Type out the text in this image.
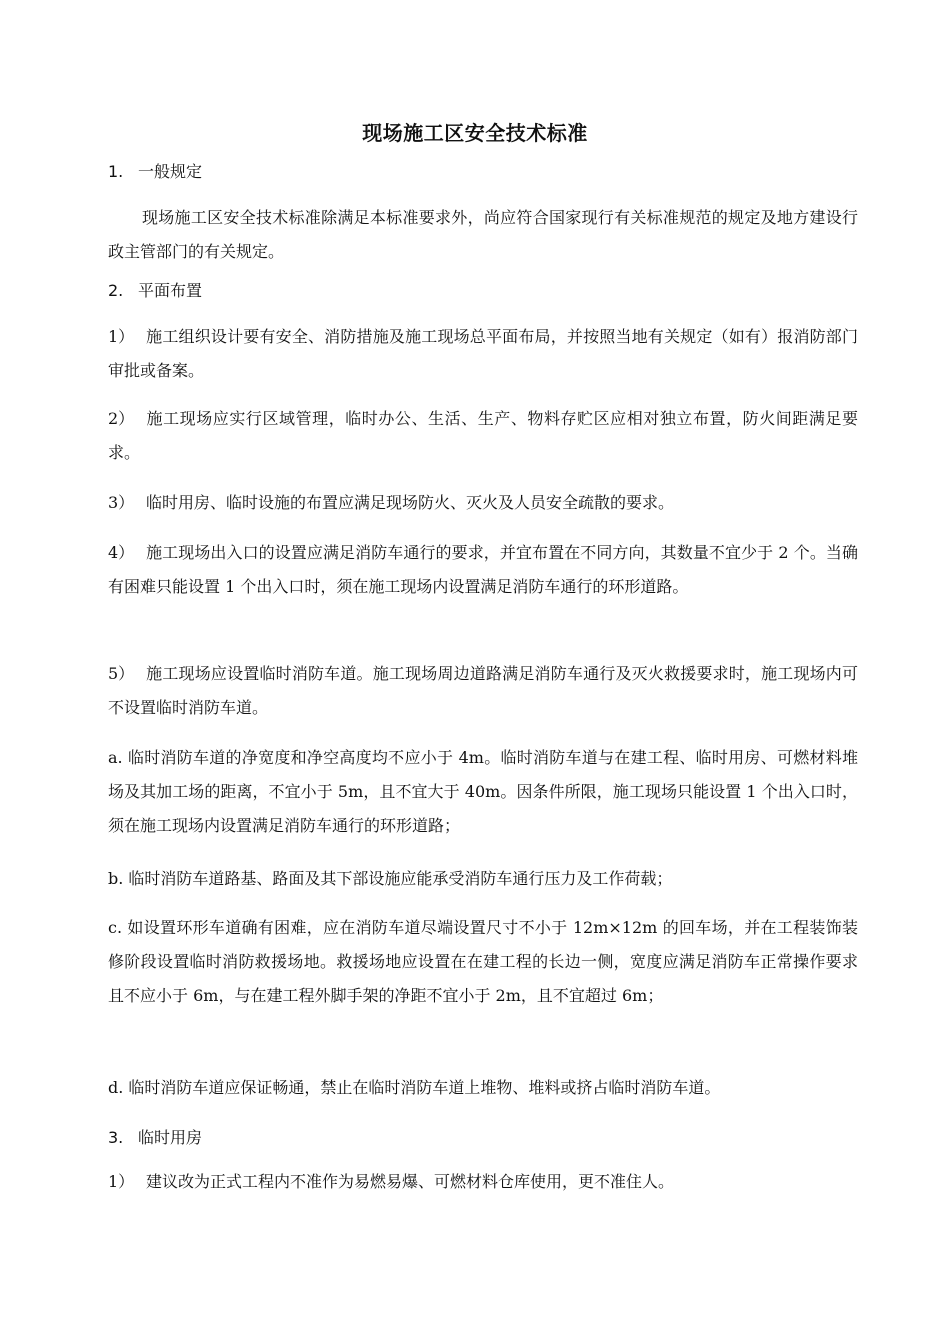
现场施工区安全技术标准
1. 一般规定
现场施工区安全技术标准除满足本标准要求外，尚应符合国家现行有关标准规范的规定及地方建设行政主管部门的有关规定。
2. 平面布置
1） 施工组织设计要有安全、消防措施及施工现场总平面布局，并按照当地有关规定（如有）报消防部门审批或备案。
2） 施工现场应实行区域管理，临时办公、生活、生产、物料存贮区应相对独立布置，防火间距满足要求。
3） 临时用房、临时设施的布置应满足现场防火、灭火及人员安全疏散的要求。
4） 施工现场出入口的设置应满足消防车通行的要求，并宜布置在不同方向，其数量不宜少于 2 个。当确有困难只能设置 1 个出入口时，须在施工现场内设置满足消防车通行的环形道路。
5） 施工现场应设置临时消防车道。施工现场周边道路满足消防车通行及灭火救援要求时，施工现场内可不设置临时消防车道。
a. 临时消防车道的净宽度和净空高度均不应小于 4m。临时消防车道与在建工程、临时用房、可燃材料堆场及其加工场的距离，不宜小于 5m，且不宜大于 40m。因条件所限，施工现场只能设置 1 个出入口时，须在施工现场内设置满足消防车通行的环形道路；
b. 临时消防车道路基、路面及其下部设施应能承受消防车通行压力及工作荷载；
c. 如设置环形车道确有困难，应在消防车道尽端设置尺寸不小于 12m×12m 的回车场，并在工程装饰装修阶段设置临时消防救援场地。救援场地应设置在在建工程的长边一侧，宽度应满足消防车正常操作要求且不应小于 6m，与在建工程外脚手架的净距不宜小于 2m，且不宜超过 6m；
d. 临时消防车道应保证畅通，禁止在临时消防车道上堆物、堆料或挤占临时消防车道。
3. 临时用房
1） 建议改为正式工程内不准作为易燃易爆、可燃材料仓库使用，更不准住人。
